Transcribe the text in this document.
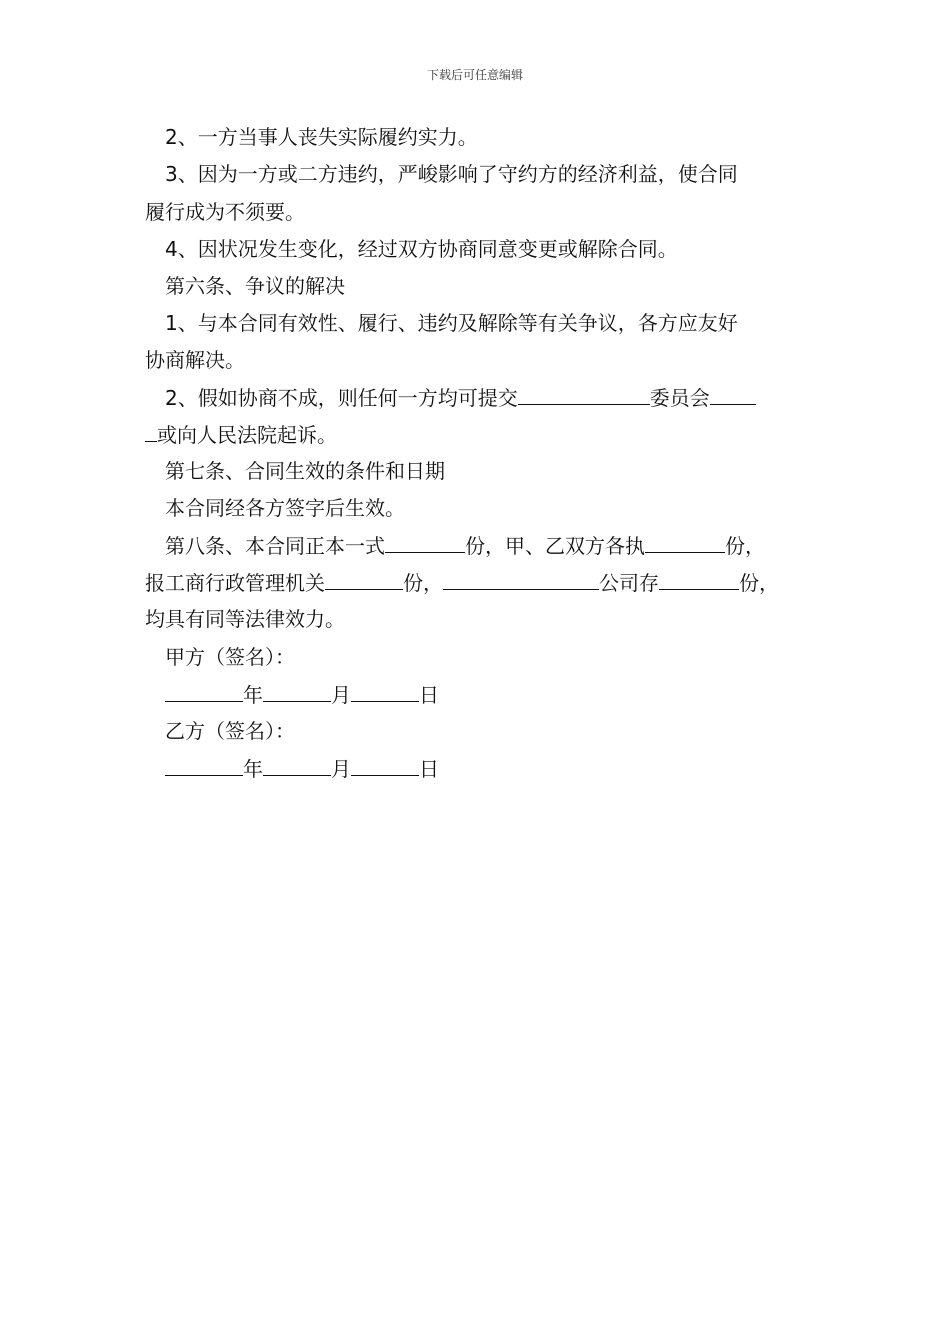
下载后可任意编辑
2、一方当事人丧失实际履约实力。
3、因为一方或二方违约，严峻影响了守约方的经济利益，使合同
履行成为不须要。
4、因状况发生变化，经过双方协商同意变更或解除合同。
第六条、争议的解决
1、与本合同有效性、履行、违约及解除等有关争议，各方应友好
协商解决。
2、假如协商不成，则任何一方均可提交	委员会
或向人民法院起诉。
第七条、合同生效的条件和日期
本合同经各方签字后生效。
第八条、本合同正本一式	份，甲、乙双方各执	份，
报工商行政管理机关	份，	公司存	份，
均具有同等法律效力。
甲方（签名）：
年	月	日
乙方（签名）：
年	月	日
